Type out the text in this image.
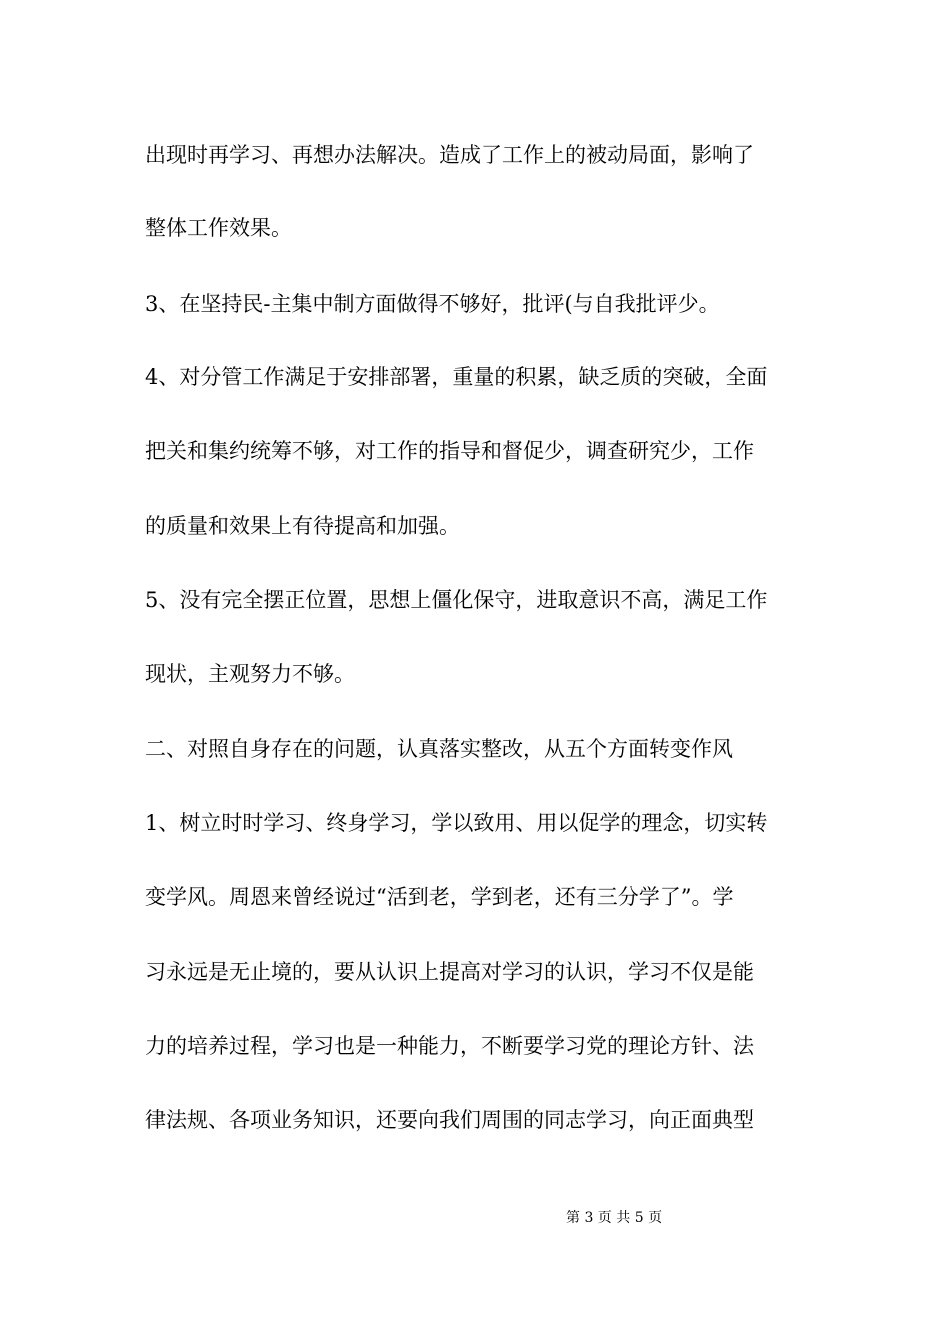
出现时再学习、再想办法解决。造成了工作上的被动局面，影响了
整体工作效果。
3、在坚持民-主集中制方面做得不够好，批评(与自我批评少。
4、对分管工作满足于安排部署，重量的积累，缺乏质的突破，全面
把关和集约统筹不够，对工作的指导和督促少，调查研究少，工作
的质量和效果上有待提高和加强。
5、没有完全摆正位置，思想上僵化保守，进取意识不高，满足工作
现状，主观努力不够。
二、对照自身存在的问题，认真落实整改，从五个方面转变作风
1、树立时时学习、终身学习，学以致用、用以促学的理念，切实转
变学风。周恩来曾经说过“活到老，学到老，还有三分学了”。学
习永远是无止境的，要从认识上提高对学习的认识，学习不仅是能
力的培养过程，学习也是一种能力，不断要学习党的理论方针、法
律法规、各项业务知识，还要向我们周围的同志学习，向正面典型
第 3 页 共 5 页
